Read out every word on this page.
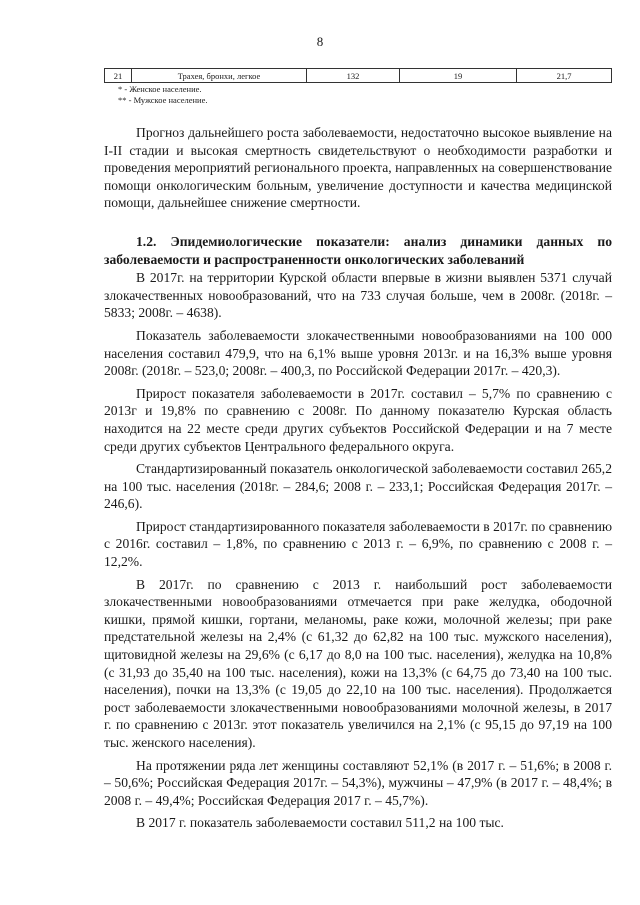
8
21	Трахея, бронхи, легкое	132	19	21,7
* - Женское население.
** - Мужское население.

Прогноз дальнейшего роста заболеваемости, недостаточно высокое выявление на I-II стадии и высокая смертность свидетельствуют о необходимости разработки и проведения мероприятий регионального проекта, направленных на совершенствование помощи онкологическим больным, увеличение доступности и качества медицинской помощи, дальнейшее снижение смертности.

1.2. Эпидемиологические показатели: анализ динамики данных по заболеваемости и распространенности онкологических заболеваний

В 2017г. на территории Курской области впервые в жизни выявлен 5371 случай злокачественных новообразований, что на 733 случая больше, чем в 2008г. (2018г. – 5833; 2008г. – 4638).

Показатель заболеваемости злокачественными новообразованиями на 100 000 населения составил 479,9, что на 6,1% выше уровня 2013г. и на 16,3% выше уровня 2008г. (2018г. – 523,0; 2008г. – 400,3, по Российской Федерации 2017г. – 420,3).

Прирост показателя заболеваемости в 2017г. составил – 5,7% по сравнению с 2013г и 19,8% по сравнению с 2008г. По данному показателю Курская область находится на 22 месте среди других субъектов Российской Федерации и на 7 месте среди других субъектов Центрального федерального округа.

Стандартизированный показатель онкологической заболеваемости составил 265,2 на 100 тыс. населения (2018г. – 284,6; 2008 г. – 233,1; Российская Федерация 2017г. – 246,6).

Прирост стандартизированного показателя заболеваемости в 2017г. по сравнению с 2016г. составил – 1,8%, по сравнению с 2013 г. – 6,9%, по сравнению с 2008 г. – 12,2%.

В 2017г. по сравнению с 2013 г. наибольший рост заболеваемости злокачественными новообразованиями отмечается при раке желудка, ободочной кишки, прямой кишки, гортани, меланомы, раке кожи, молочной железы; при раке предстательной железы на 2,4% (с 61,32 до 62,82 на 100 тыс. мужского населения), щитовидной железы на 29,6% (с 6,17 до 8,0 на 100 тыс. населения), желудка на 10,8% (с 31,93 до 35,40 на 100 тыс. населения), кожи на 13,3% (с 64,75 до 73,40 на 100 тыс. населения), почки на 13,3% (с 19,05 до 22,10 на 100 тыс. населения). Продолжается рост заболеваемости злокачественными новообразованиями молочной железы, в 2017 г. по сравнению с 2013г. этот показатель увеличился на 2,1% (с 95,15 до 97,19 на 100 тыс. женского населения).

На протяжении ряда лет женщины составляют 52,1% (в 2017 г. – 51,6%; в 2008 г. – 50,6%; Российская Федерация 2017г. – 54,3%), мужчины – 47,9% (в 2017 г. – 48,4%; в 2008 г. – 49,4%; Российская Федерация 2017 г. – 45,7%).

В 2017 г. показатель заболеваемости составил 511,2 на 100 тыс.
